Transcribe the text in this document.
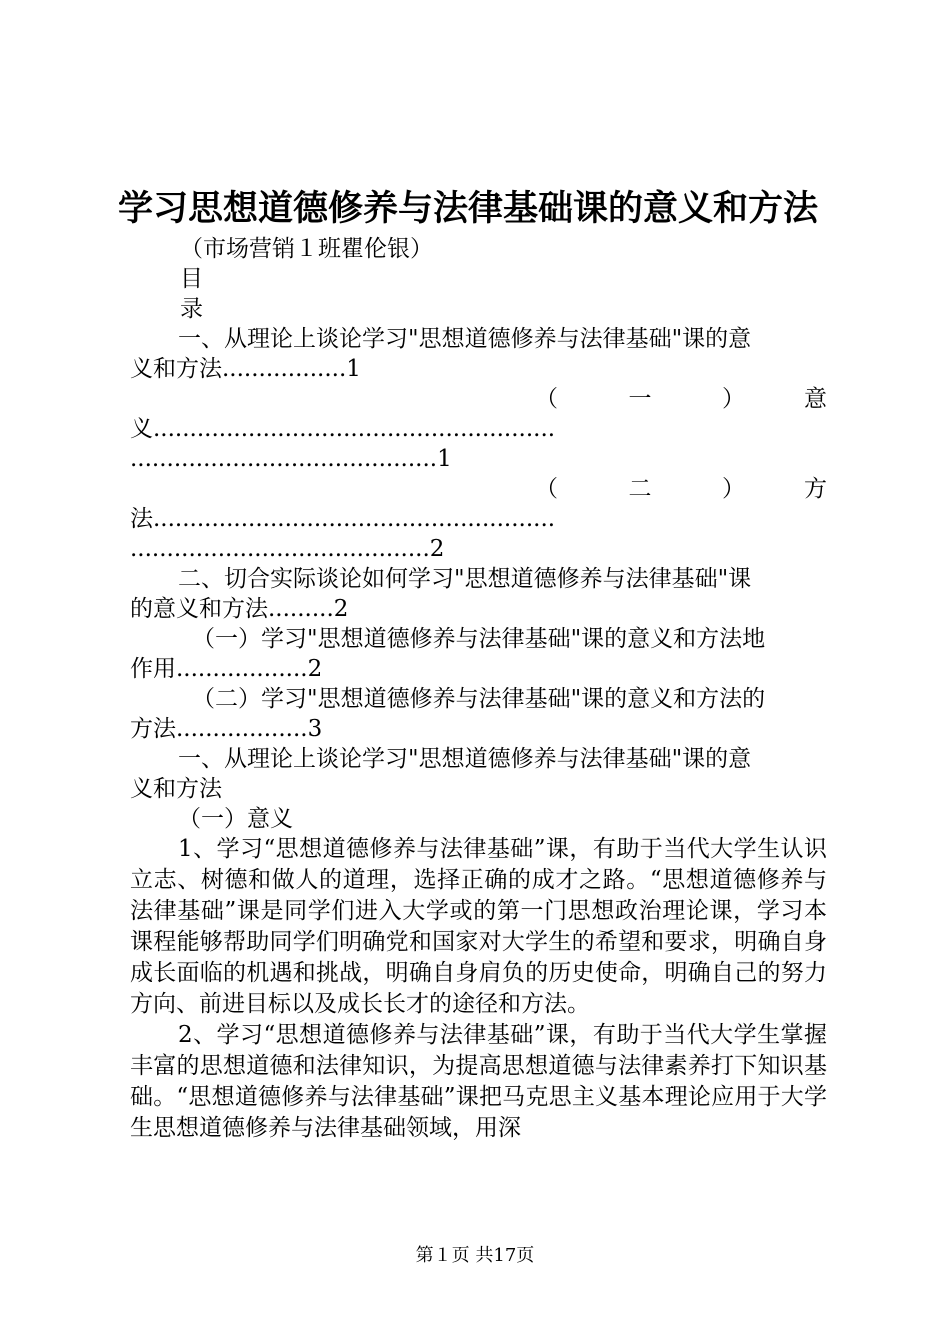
学习思想道德修养与法律基础课的意义和方法

（市场营销１班瞿伦银）

目

录

一、从理论上谈论学习"思想道德修养与法律基础"课的意

义和方法.................1

（　一　）　意

义.......................................................

..........................................1

（　二　）　方

法.......................................................

.........................................2

二、切合实际谈论如何学习"思想道德修养与法律基础"课

的意义和方法.........2

（一）学习"思想道德修养与法律基础"课的意义和方法地

作用..................2

（二）学习"思想道德修养与法律基础"课的意义和方法的

方法..................3

一、从理论上谈论学习"思想道德修养与法律基础"课的意

义和方法

（一）意义

1、学习“思想道德修养与法律基础”课，有助于当代大学生认识立志、树德和做人的道理，选择正确的成才之路。“思想道德修养与法律基础”课是同学们进入大学或的第一门思想政治理论课，学习本课程能够帮助同学们明确党和国家对大学生的希望和要求，明确自身成长面临的机遇和挑战，明确自身肩负的历史使命，明确自己的努力方向、前进目标以及成长长才的途径和方法。

2、学习“思想道德修养与法律基础”课，有助于当代大学生掌握丰富的思想道德和法律知识，为提高思想道德与法律素养打下知识基础。“思想道德修养与法律基础”课把马克思主义基本理论应用于大学生思想道德修养与法律基础领域，用深

第１页 共17页
